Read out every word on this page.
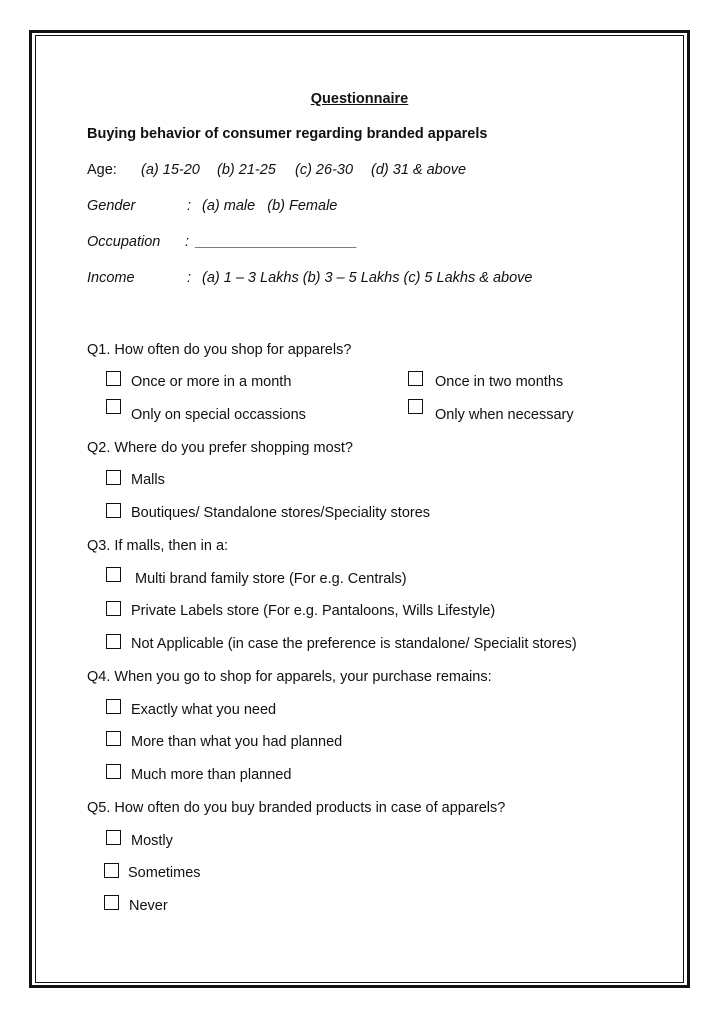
Questionnaire
Buying behavior of consumer regarding branded apparels
Age: (a) 15-20 (b) 21-25 (c) 26-30 (d) 31 & above
Gender	: (a) male   (b) Female
Occupation : ____________________
Income	: (a) 1 – 3 Lakhs (b) 3 – 5 Lakhs (c) 5 Lakhs & above
Q1. How often do you shop for apparels?
Once or more in a month	Once in two months
Only on special occassions	Only when necessary
Q2. Where do you prefer shopping most?
Malls
Boutiques/ Standalone stores/Speciality stores
Q3. If malls, then in a:
Multi brand family store (For e.g. Centrals)
Private Labels store (For e.g. Pantaloons, Wills Lifestyle)
Not Applicable (in case the preference is standalone/ Specialit stores)
Q4. When you go to shop for apparels, your purchase remains:
Exactly what you need
More than what you had planned
Much more than planned
Q5. How often do you buy branded products in case of apparels?
Mostly
Sometimes
Never
